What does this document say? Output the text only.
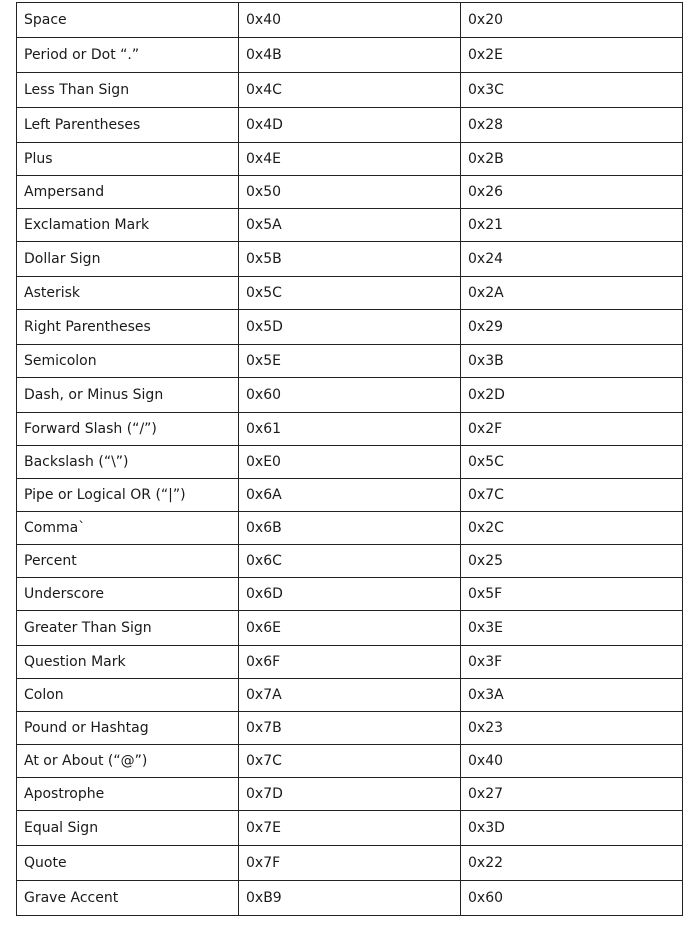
Space	0x40	0x20
Period or Dot “.”	0x4B	0x2E
Less Than Sign	0x4C	0x3C
Left Parentheses	0x4D	0x28
Plus	0x4E	0x2B
Ampersand	0x50	0x26
Exclamation Mark	0x5A	0x21
Dollar Sign	0x5B	0x24
Asterisk	0x5C	0x2A
Right Parentheses	0x5D	0x29
Semicolon	0x5E	0x3B
Dash, or Minus Sign	0x60	0x2D
Forward Slash (“/”)	0x61	0x2F
Backslash (“\”)	0xE0	0x5C
Pipe or Logical OR (“|”)	0x6A	0x7C
Comma`	0x6B	0x2C
Percent	0x6C	0x25
Underscore	0x6D	0x5F
Greater Than Sign	0x6E	0x3E
Question Mark	0x6F	0x3F
Colon	0x7A	0x3A
Pound or Hashtag	0x7B	0x23
At or About (“@”)	0x7C	0x40
Apostrophe	0x7D	0x27
Equal Sign	0x7E	0x3D
Quote	0x7F	0x22
Grave Accent	0xB9	0x60
